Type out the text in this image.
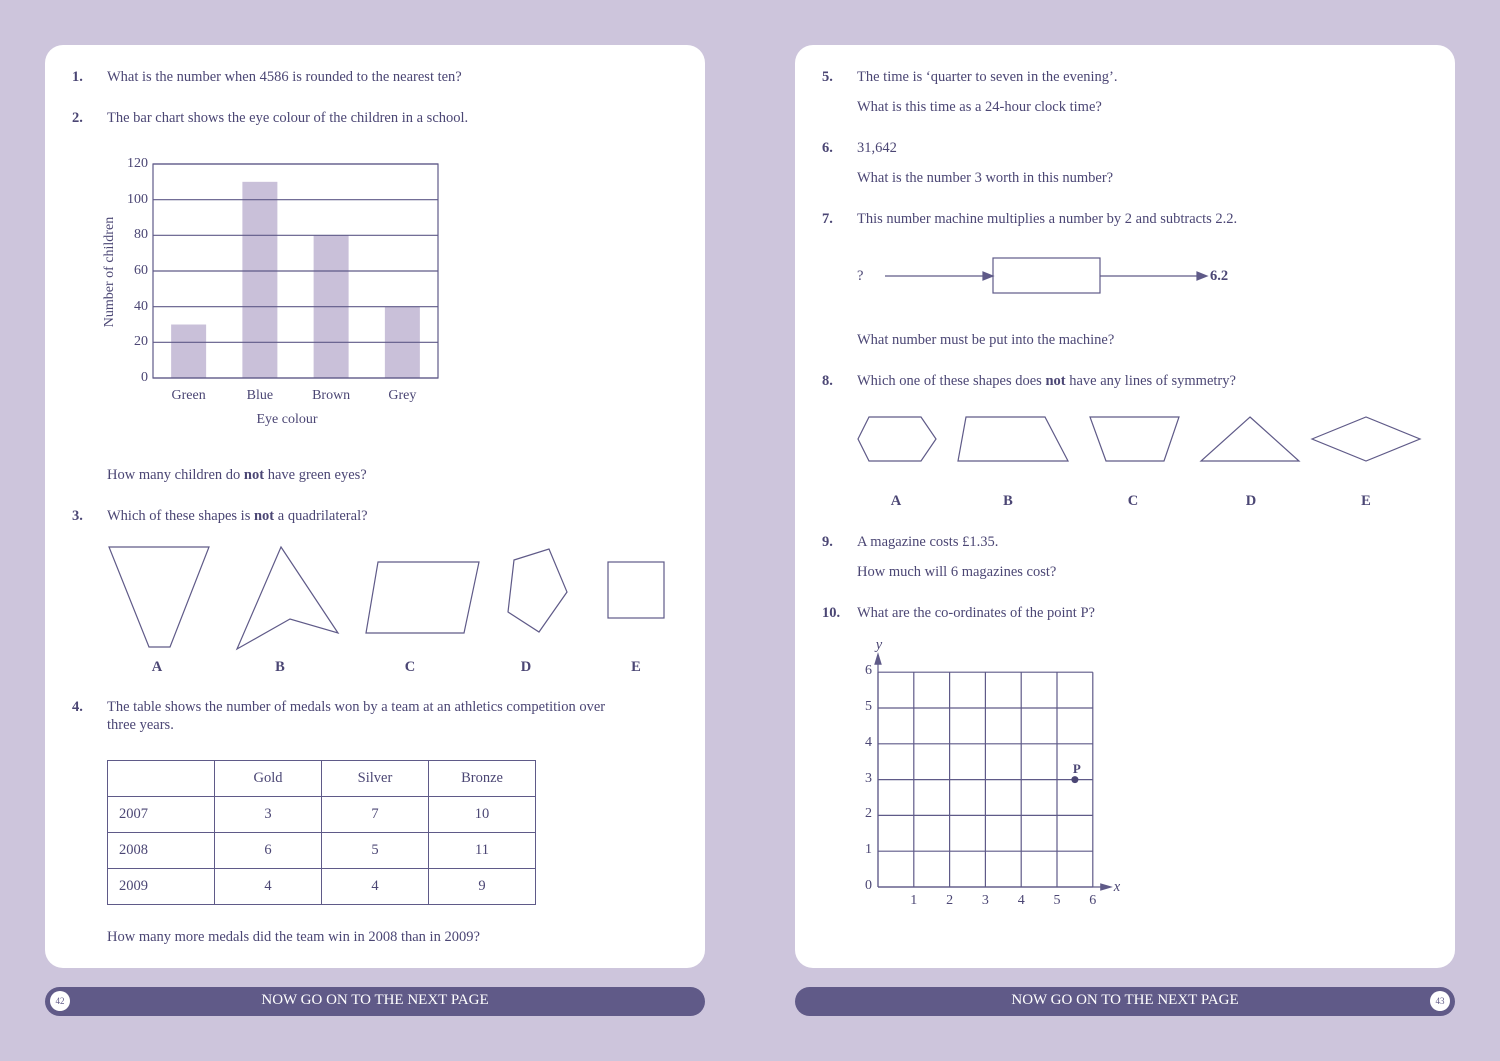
1. What is the number when 4586 is rounded to the nearest ten?
2. The bar chart shows the eye colour of the children in a school.
Green	Blue	Brown	Grey
0
20
40
60
80
100
120
Number of children
Eye colour
How many children do not have green eyes?
3. Which of these shapes is not a quadrilateral?
A	B	C	D	E
4. The table shows the number of medals won by a team at an athletics competition over
three years.
	Gold	Silver	Bronze
2007	3	7	10
2008	6	5	11
2009	4	4	9
How many more medals did the team win in 2008 than in 2009?
5. The time is ‘quarter to seven in the evening’.
What is this time as a 24-hour clock time?
6. 31,642
What is the number 3 worth in this number?
7. This number machine multiplies a number by 2 and subtracts 2.2.
?	6.2
What number must be put into the machine?
8. Which one of these shapes does not have any lines of symmetry?
A	B	C	D	E
9. A magazine costs £1.35.
How much will 6 magazines cost?
10. What are the co-ordinates of the point P?
1 2 3 4 5 6
0
1
2
3
4
5
6
y
x
P
42	NOW GO ON TO THE NEXT PAGE	43
NOW GO ON TO THE NEXT PAGE
